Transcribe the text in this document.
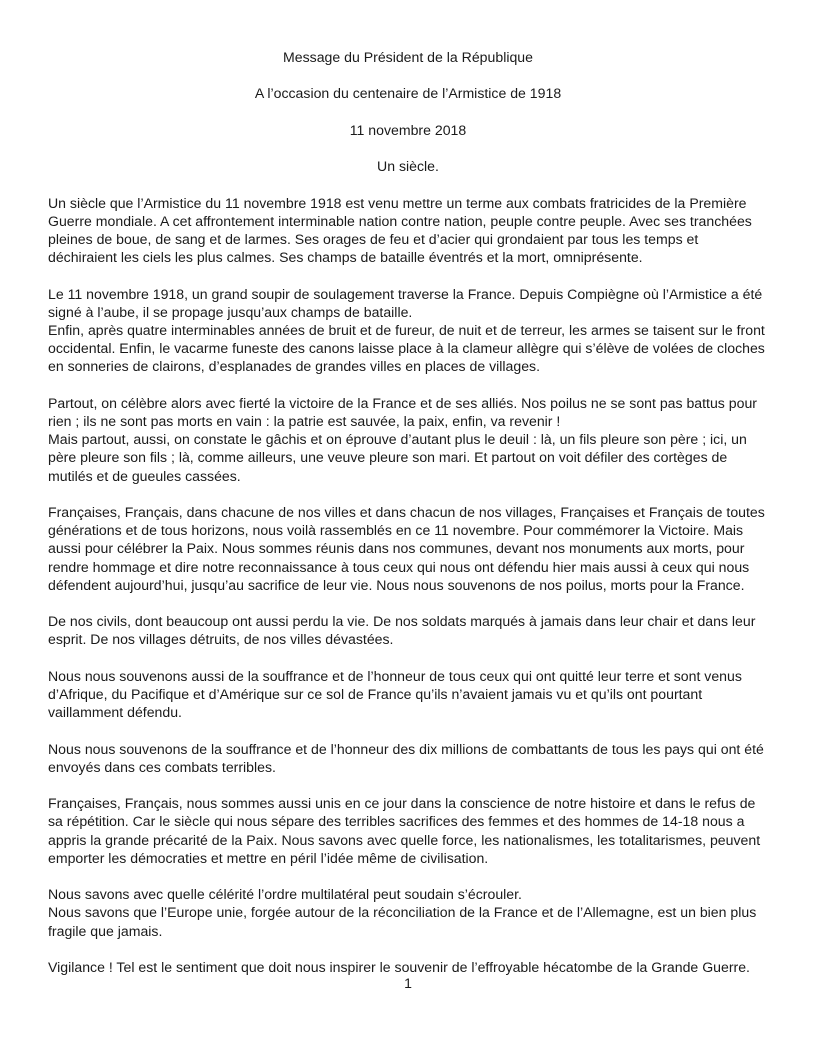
Message du Président de la République

A l’occasion du centenaire de l’Armistice de 1918

11 novembre 2018

Un siècle.

Un siècle que l’Armistice du 11 novembre 1918 est venu mettre un terme aux combats fratricides de la Première Guerre mondiale. A cet affrontement interminable nation contre nation, peuple contre peuple. Avec ses tranchées pleines de boue, de sang et de larmes. Ses orages de feu et d’acier qui grondaient par tous les temps et déchiraient les ciels les plus calmes. Ses champs de bataille éventrés et la mort, omniprésente.

Le 11 novembre 1918, un grand soupir de soulagement traverse la France. Depuis Compiègne où l’Armistice a été signé à l’aube, il se propage jusqu’aux champs de bataille.

Enfin, après quatre interminables années de bruit et de fureur, de nuit et de terreur, les armes se taisent sur le front occidental. Enfin, le vacarme funeste des canons laisse place à la clameur allègre qui s’élève de volées de cloches en sonneries de clairons, d’esplanades de grandes villes en places de villages.

Partout, on célèbre alors avec fierté la victoire de la France et de ses alliés. Nos poilus ne se sont pas battus pour rien ; ils ne sont pas morts en vain : la patrie est sauvée, la paix, enfin, va revenir !

Mais partout, aussi, on constate le gâchis et on éprouve d’autant plus le deuil : là, un fils pleure son père ; ici, un père pleure son fils ; là, comme ailleurs, une veuve pleure son mari. Et partout on voit défiler des cortèges de mutilés et de gueules cassées.

Françaises, Français, dans chacune de nos villes et dans chacun de nos villages, Françaises et Français de toutes générations et de tous horizons, nous voilà rassemblés en ce 11 novembre. Pour commémorer la Victoire. Mais aussi pour célébrer la Paix. Nous sommes réunis dans nos communes, devant nos monuments aux morts, pour rendre hommage et dire notre reconnaissance à tous ceux qui nous ont défendu hier mais aussi à ceux qui nous défendent aujourd’hui, jusqu’au sacrifice de leur vie. Nous nous souvenons de nos poilus, morts pour la France.

De nos civils, dont beaucoup ont aussi perdu la vie. De nos soldats marqués à jamais dans leur chair et dans leur esprit. De nos villages détruits, de nos villes dévastées.

Nous nous souvenons aussi de la souffrance et de l’honneur de tous ceux qui ont quitté leur terre et sont venus d’Afrique, du Pacifique et d’Amérique sur ce sol de France qu’ils n’avaient jamais vu et qu’ils ont pourtant vaillamment défendu.

Nous nous souvenons de la souffrance et de l’honneur des dix millions de combattants de tous les pays qui ont été envoyés dans ces combats terribles.

Françaises, Français, nous sommes aussi unis en ce jour dans la conscience de notre histoire et dans le refus de sa répétition. Car le siècle qui nous sépare des terribles sacrifices des femmes et des hommes de 14-18 nous a appris la grande précarité de la Paix. Nous savons avec quelle force, les nationalismes, les totalitarismes, peuvent emporter les démocraties et mettre en péril l’idée même de civilisation.

Nous savons avec quelle célérité l’ordre multilatéral peut soudain s’écrouler.

Nous savons que l’Europe unie, forgée autour de la réconciliation de la France et de l’Allemagne, est un bien plus fragile que jamais.

Vigilance ! Tel est le sentiment que doit nous inspirer le souvenir de l’effroyable hécatombe de la Grande Guerre.

1
